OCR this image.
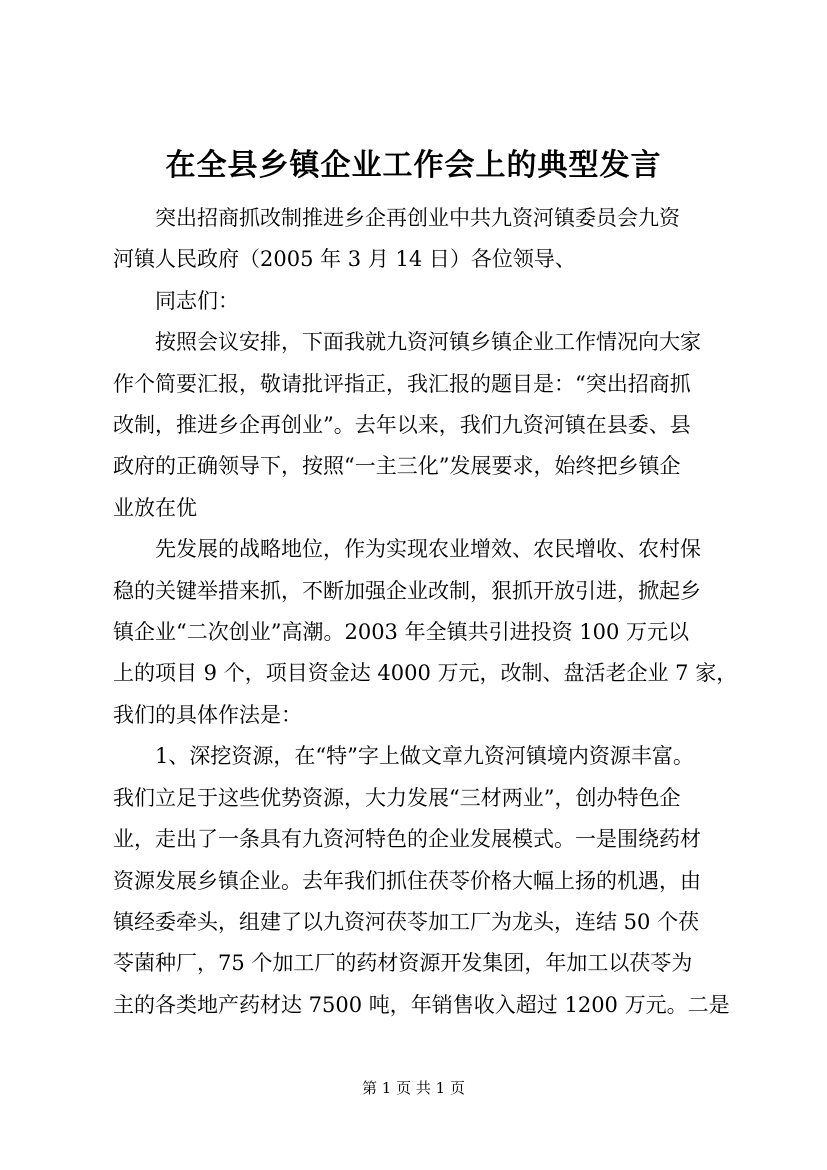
在全县乡镇企业工作会上的典型发言

突出招商抓改制推进乡企再创业中共九资河镇委员会九资
河镇人民政府（2005 年 3 月 14 日）各位领导、

同志们：

按照会议安排，下面我就九资河镇乡镇企业工作情况向大家
作个简要汇报，敬请批评指正，我汇报的题目是：“突出招商抓
改制，推进乡企再创业”。去年以来，我们九资河镇在县委、县
政府的正确领导下，按照“一主三化”发展要求，始终把乡镇企
业放在优

先发展的战略地位，作为实现农业增效、农民增收、农村保
稳的关键举措来抓，不断加强企业改制，狠抓开放引进，掀起乡
镇企业“二次创业”高潮。2003 年全镇共引进投资 100 万元以
上的项目 9 个，项目资金达 4000 万元，改制、盘活老企业 7 家，
我们的具体作法是：

1、深挖资源，在“特”字上做文章九资河镇境内资源丰富。
我们立足于这些优势资源，大力发展“三材两业”，创办特色企
业，走出了一条具有九资河特色的企业发展模式。一是围绕药材
资源发展乡镇企业。去年我们抓住茯苓价格大幅上扬的机遇，由
镇经委牵头，组建了以九资河茯苓加工厂为龙头，连结 50 个茯
苓菌种厂，75 个加工厂的药材资源开发集团，年加工以茯苓为
主的各类地产药材达 7500 吨，年销售收入超过 1200 万元。二是

第 1 页 共 1 页
